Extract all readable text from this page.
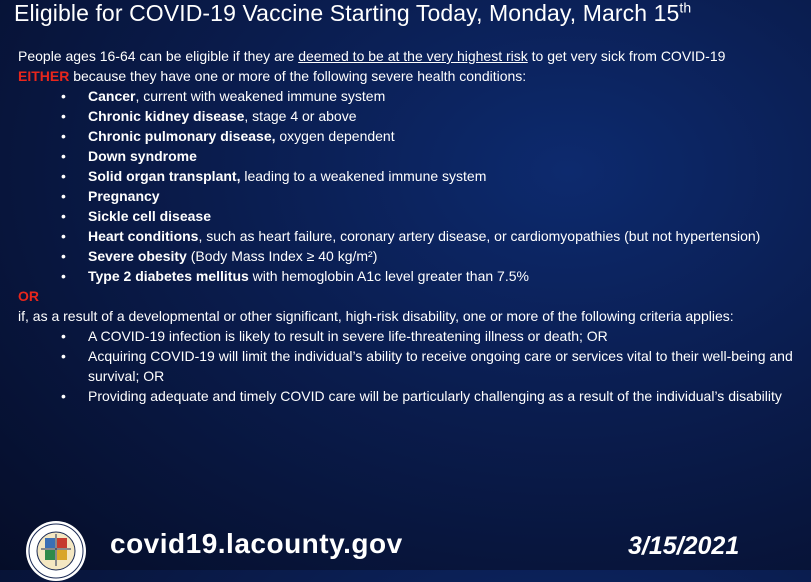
Eligible for COVID-19 Vaccine Starting Today, Monday, March 15th

People ages 16-64 can be eligible if they are deemed to be at the very highest risk to get very sick from COVID-19

EITHER because they have one or more of the following severe health conditions:

• Cancer, current with weakened immune system
• Chronic kidney disease, stage 4 or above
• Chronic pulmonary disease, oxygen dependent
• Down syndrome
• Solid organ transplant, leading to a weakened immune system
• Pregnancy
• Sickle cell disease
• Heart conditions, such as heart failure, coronary artery disease, or cardiomyopathies (but not hypertension)
• Severe obesity (Body Mass Index ≥ 40 kg/m²)
• Type 2 diabetes mellitus with hemoglobin A1c level greater than 7.5%

OR

if, as a result of a developmental or other significant, high-risk disability, one or more of the following criteria applies:

• A COVID-19 infection is likely to result in severe life-threatening illness or death; OR
• Acquiring COVID-19 will limit the individual’s ability to receive ongoing care or services vital to their well-being and survival; OR
• Providing adequate and timely COVID care will be particularly challenging as a result of the individual’s disability
covid19.lacounty.gov	3/15/2021
